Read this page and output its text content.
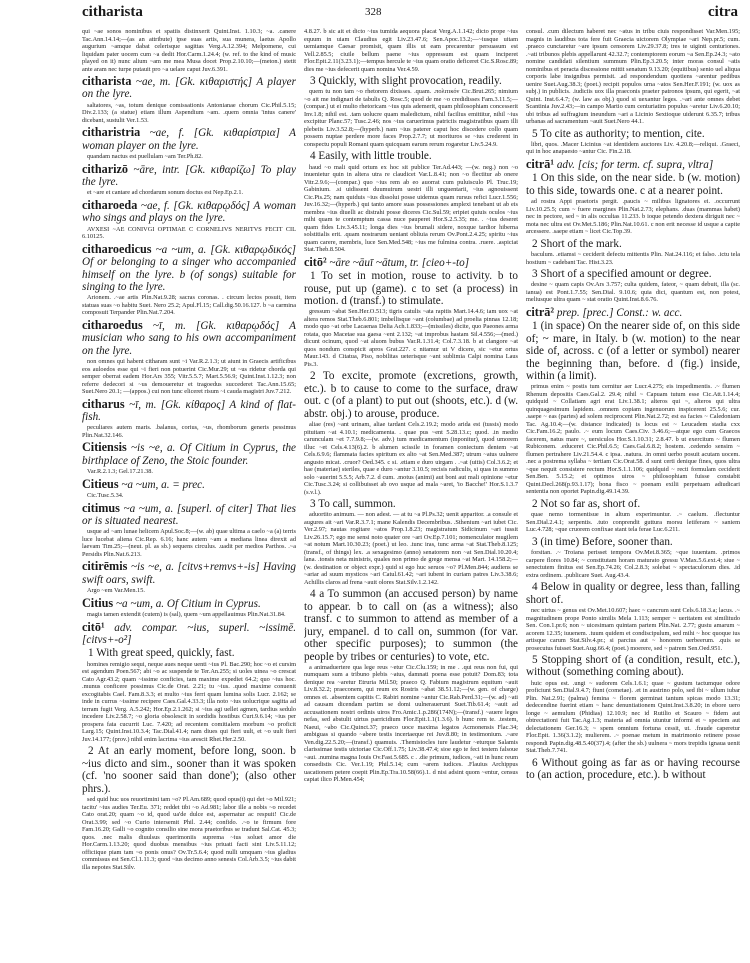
citharista	328	citra
qui ~ae sonos nominibus et spatiis distinxerit Quint.Inst. 1.10.3; ~a. .canere Tac.Ann.14.14;—(as an attribute) ipse suas artis, sua munera, laetus Apollo augurium ~amque dabat celerisque sagittas Verg.A.12.394; Melpomene, cui liquidam pater uocem cum ~a dedit Hor.Carm.1.24.4; (w. ref. to the kind of music played on it) nunc alium ~am me mea Musa docet Prop.2.10.10;—(meton.) stetit ante aram nec turpe putauit pro ~a uelare caput Juv.6.391.
citharista ~ae, m. [Gk. κιθαριστής] A player on the lyre.
saltatores, ~as, totum denique comissationis Antonianae chorum Cic.Phil.5.15; Div.2.133; (a statue) etiam illum Aspendium ~am. .quem omnia 'intus canere' dicebant, sustulit Ver.1.53.
citharistria ~ae, f. [Gk. κιθαρίστρια] A woman player on the lyre.
quandam nactus est puellulam ~am Ter.Ph.82.
citharizō ~āre, intr. [Gk. κιθαρίζω] To play the lyre.
et ~are et cantare ad chordarum sonum doctus est Nep.Ep.2.1.
citharoeda ~ae, f. [Gk. κιθαρῳδός] A woman who sings and plays on the lyre.
AVXESI ~AE CONIVGI OPTIMAE C CORNELIVS NERITVS FECIT CIL 6.10125.
citharoedicus ~a ~um, a. [Gk. κιθαρῳδικός] Of or belonging to a singer who accompanied himself on the lyre. b (of songs) suitable for singing to the lyre.
Arionem. .~ae artis Plin.Nat.9.28; sacras coronas. . circum lectos posuit, item statuas suas ~o habitu Suet. Nero 25.2; Apul.Fl.15; Call.dig.50.16.127. b ~a carmina composuit Terpander Plin.Nat.7.204.
citharoedus ~ī, m. [Gk. κιθαρῳδός] A musician who sang to his own accompaniment on the lyre.
non omnes qui habent citharam sunt ~i Var.R.2.1.3; ut aiunt in Graecis artificibus eos auloedos esse qui ~i fieri non potuerint Cic.Mur.29; ut ~us ridetur chorda qui semper oberrat eadem Hor.Ars 355; Vitr.5.5.7; Mart.5.56.9; Quint.Inst.1.12.3; non referre dedecori si ~us demoueretur et tragoedus succederet Tac.Ann.15.65; Suet.Nero 20.1; —(appos.) cui non tunc eliceret risum ~i cauda magistri Juv.7.212.
citharus ~ī, m. [Gk. κίθαρος] A kind of flat-fish.
peculiares autem maris. .balanus, corius, ~us, rhomborum generis pessimus Plin.Nat.32.146.
Citiensis ~is ~e, a. Of Citium in Cyprus, the birthplace of Zeno, the Stoic founder.
Var.R.2.1.3; Gel.17.21.38.
Citieus ~a ~um, a. = prec.
Cic.Tusc.5.34.
citimus ~a ~um, a. [superl. of citer] That lies or is situated nearest.
usque ad ~am lunae helicem Apul.Soc.8;—(w. ab) quae ultima a caelo ~a (a) terris luce lucebat aliena Cic.Rep. 6.16; hanc autem ~am a mediana linea direxit ad laevam Tim.25;—(neut. pl. as sb.) sequens circulus. .uadit per medios Parthos. .~a Persidis Plin.Nat.6.213.
citirēmis ~is ~e, a. [citvs+remvs+-is] Having swift oars, swift.
Argo ~em Var.Men.15.
Citius ~a ~um, a. Of Citium in Cyprus.
magis tamen extendit (cutem) is (sal), quem ~um appellauimus Plin.Nat.31.84.
citō¹ adv. compar. ~ius, superl. ~issimē. [citvs+-o²]
1 With great speed, quickly, fast.
homines remigio sequi, neque aues neque uenti ~ius Pl. Bac.290; hoc ~o et cursim est agendum Poen.567; abi ~o ac suspende te Ter.An.255; si uoles uinea ~o crescat Cato Agr.43.2; quam ~issime conficies, tam maxime expediet 64.2; quo ~ius hoc. .munus conficere possimus Cic.de Orat. 2.21; tu ~ius. .quod maxime conuenit excogitabis Cael. Fam.8.3.3; et multo ~ius ferri quam lumina solis Lucr. 2.162; se inde in currus ~issime recipere Caes.Gal.4.33.3; illa noto ~ius uolucrique sagitta ad terram fugit Verg. A.5.242; Hor.Ep.2.1.262; si ~ius agi uellet agmen, tardius sedulo incedere Liv.2.58.7; ~o gloria obsolescit in sordidis hostibus Curt.9.6.14; ~ius per prospera fata cucurrit Luc. 7.420; ad recentem comitialem morbum ~o proficit Larg.15; Quint.Inst.10.3.4; Tac.Dial.41.4; nam diues qui fieri uult, et ~o uult fieri Juv.14.177; (prov.) nihil enim lacrima ~ius arescit Rhet.Her.2.50.
2 At an early moment, before long, soon. b ~ius dicto and sim., sooner than it was spoken (cf. 'no sooner said than done'); (also other phrs.).
sed quid huc uos reuortimini tam ~o? Pl.Am.689; quod opus(t) qui det ~o Mil.921; tacitu' ~ius audies Ter.Eu. 371; reddet tibi ~o Ad.981; labor ille a nobis ~o recedet Cato orat.20; quam ~o id, quod ua'de dulce est, aspernatur ac respuit! Cic.de Orat.3.99; sed ~o Curio intersemit Phil. 2.44; confido. .~o te firmum fore Fam.16.20; Galli ~o cognito consilio sine mora praetoribus se tradunt Sal.Cat. 45.3; quos. .nec malis diuulsus querimoniis suprema ~ius soluet amor die Hor.Carm.1.13.20; quod duobus mensibus ~ius priuati facti sint Liv.5.11.12; officiique piam tam ~o ponis onus? Ov.Tr.5.6.4; quod nulli umquam ~ius gladius commissus est Sen.Cl.1.11.3; quod ~ius decimo anno senesis Col.Arb.3.5; ~ius dabit illa nepotes Stat.Silv.
4.8.27. b sic ait et dicto ~ius tumida aequora placat Verg.A.1.142; dicto prope ~ius equum in uiam Claudius egit Liv.23.47.6; Sen.Apoc.13.2;—~iusque uitam uemiamque Caesar promisit, quam illis ut eam precarentur persuasum est Vell.2.85.5; ciuile bellum paene ~ius oppressum est quam inciperet Flor.Epit.2.11(3.23.1);—tempus hercule te ~ius quam oratio deficeret Cic.S.Rosc.89; dies me ~ius defecerit quam nomina Ver.4.59.
3 Quickly, with slight provocation, readily.
quem tu non tam ~o rhetorem dixisses. .quam. .πολιτικόν Cic.Brut.265; nimium ~o ait me indignari de tabulis Q. Rosc.5; quod de me ~o credidisses Fam.3.11.5;—(compar.) ut ei multo rhetoricam ~ius quis ademerit, quam philosophiam concesserit Inv.1.8; nihil est. .tam uolucre quam maledictum, nihil facilius emittitur, nihil ~ius excipitur Planc.57; Tusc.2.46; nos ~ius caruerimus patriciis magistratibus quam illi plebeiis Liv.3.52.8;—(hyperb.) nam ~ius paterer caput hoc discedere collo quam possem nuptae perdere more faces Prop.2.7.7; ut morituros se ~ius crederent in conspectu populi Romani quam quicquam earum rerum rogaretur Liv.5.24.9.
4 Easily, with little trouble.
haud ~o mali quid ortum ex hoc sit publice Ter.Ad.443; —(w. neg.) non ~o inuenietur quin in altera utra re claudicet Var.L.8.41; non ~o flectitur ab onere Vitr.2.9.6;—(compar.) quo ~ius rem ab eo auorrat cum puluisculo Pl. Truc.19; Gabinium. .si uidissent duumuirum uestri illi unguentarii, ~ius agnouissent Cic.Pis.25; nam quiduis ~ius dissolui posse uidemus quam rursus refici Lucr.1.556; Juv.16.32;—(hyperb.) qui tanto amore suas possessiones amplexi tenebant ut ab eis membra ~ius diuelli ac distrahi posse diceres Cic.Sul.59; eripiet quiuis oculos ~ius mihi quam te contemptum cassa nuce pauperet Hor.S.2.5.35; me. . ~ius deseret quam fides Liv.3.45.11; longa dies ~ius brumali sidere, noxque tardior hiberna solstitialis erit. .quam nostrarum ueniant obliuia rerum Ov.Pont.2.4.25; spiritu ~ius quam carere, membris, luce Sen.Med.548; ~ius me fulmina contra. .ruere. .aspiciat Stat.Theb.8.504.
citō² ~āre ~āuī ~ātum, tr. [cieo+-to]
1 To set in motion, rouse to activity. b to rouse, put up (game). c to set (a process) in motion. d (transf.) to stimulate.
gressum ~abat Sen.Her.O.513; tigris catulis ~ata rapitis Mart.14.4.6; iam uox ~at altera remos Stat.Theb.6.801; imbellisque ~ant (columbae) ad proelia pinnas 12.18; modo quo ~at orbe Lacaenas Delia Ach.1.833;—(missiles) dicite, quo Paeones arma rotata, quo Macetae sua gaesa ~ent 2.132; ~at improbus hastam Sil.4.556;—(med.) dicunt ocinum, quod ~at aluom bubus Var.R.1.31.4; Col.7.3.18. b at clangore ~at quos nondum conspicit apros Grat.227. c nitamur ut V dicere, sic ~etur ortus Maur.143. d Citatua, Piso, nobilitas ueterisque ~ant sublimia Calpi nomina Laus Pis.3.
2 To excite, promote (excretions, growth, etc.). b to cause to come to the surface, draw out. c (of a plant) to put out (shoots, etc.). d (w. abstr. obj.) to arouse, produce.
aliae (res) ~ant urinam, aliae tardant Cels.2.19.2; modo arida est (tussis) modo pituitam ~at 4.10.1; medicamenta. . quae pus ~ent 5.28.13.c; quod. .in medio carunculam ~et 7.7.9.8;—(w. adv.) tum medicamentum (inponitur), quod umorem illuc ~et Cels.4.13(6).2. b alumen scissile in foramen coniectum dentem ~at Cels.6.9.6; flammata facies spiritum ex alto ~at Sen.Med.387; utrum ~atus uulnere angusto micat. .cruor? Oed.345. c si. .etiam e duro uirgam . .~at (uitis) Col.3.6.2; et hae (materiae) steriles, quae e duro ~antur 3.10.5; recisis radiculis, si quas in summo solo ~auerint 5.5.5; Arb.7.2. d cum. .motus (animi) aut boni aut mali opinione ~etur Cic.Tusc.3.24; si collibuisset ab ovo usque ad mala ~aret, 'io Bacche!' Hor.S.1.3.7 (s.v.l.).
3 To call, summon.
aduortito animum. — non adest. — at tu ~a Pl.Ps.32; uenit apparitor. .a consule et augures ait ~ari Var.R.3.7.1; mane Kalendis Decembribus. .Sthenium ~ari iubet Cic. Ver.2.97; nautas rogitare ~atos Prop.1.8.23; magistratum Sidicinum ~ari iussit Liv.26.15.7; ego me sensi noto quater ore ~ari Ov.Ep.7.101; nomenculator mugilem ~at notum Mart.10.30.23; (poet.) ut leo. .tunc iras, tunc arma ~at Stat.Theb.8.125; (transf., of things) lex. .a sexagesimo (anno) senatorem non ~at Sen.Dial.10.20.4; lana. .tonsis neta ministris, quales non primo de grege mensa ~at Mart. 14.158.2;—(w. destination or object expr.) quid si ego huc seruos ~o? Pl.Men.844; audiens se ~ariar ad suum mysticos ~ari Catul.61.42; ~ari iubent in curiam patres Liv.3.38.6; Achillis claros ad frena ~auit olores Stat.Silv.1.2.142.
4 a To summon (an accused person) by name to appear. b to call on (as a witness); also transf. c to summon to attend as member of a jury, empanel. d to call on, summon (for var. other specific purposes); to summon (the people by tribes or centuries) to vote, etc.
a animaduertere qua lege reus ~etur Cic.Clu.159; in me . .qui reus non fui, qui numquam sum a tribuno plebis ~atus, damnati poena esse potuit? Dom.83; tota denique rea ~aretur Etruria Mil.50; praeco Q. Fabium magistrum equitum ~auit Liv.8.32.2; praeconem, qui reum ex Rostris ~abat 38.51.12;—(w. gen. of charge) omnes ei. .absentem capitis C. Rabiri nomine ~antur Cic.Rab.Perd.31;—(w. ad) ~ati ad causam dicendam partim se domi uulnerauerunt Suet.Tib.61.4; ~auit ad accusationem nostri ordinis uiros Fro.Amic.1.p.286(174N);—(transf.) ~auere leges nefas, sed abstulit uirtus parricidium Flor.Epit.1.1(1.3.6). b hunc rem te. .testem, Naeui, ~abo Cic.Quinct.37; praeco uoce maxima legatos Acmonensis Flac.34; ambiguas si quando ~abere testis incertaeque rei Juv.8.80; in testimonium. .~are Ven.dig.22.5.20;—(transf.) quamuis. .Themistocles iure laudetur ~eturque Salamis clarissimae testis uictoriae Cic.Off.1.75; Liv.38.47.4; sioe ego te feci testem falsoue ~aui. .numina magna Iouis Ov.Fast.5.685. c . .die primum, iudices, ~ati in hunc reum consedistis Cic. Ver.1.19; Phil.5.14; cum ~arem iudices. .Flauius Archippus uacationem petere coepit Plin.Ep.Tra.10.58(66).1. d nisi adsint quom ~entur, census capiat ilico Pl.Men.454;
consul. .cum dilectum haberet nec ~atus in tribu ciuis respondisset Var.Men.195; magnis in laudibus tota fere fuit Graecia uictorem Olympiae ~ari Nep.pr.5; cum. .praeco cunctaretur ~are ipsum censorem Liv.29.37.8; tres te uiginti centuriones. .~ati tribunos plebis appellarunt 42.32.7; contemptorem eorum ~a Sen.Ep.24.3; ~ato nomine candidati silentium summum Plin.Ep.3.20.5; inter moras consul ~atis nominibus et peracta discessione mittit senatum 9.13.20; (equitibus) senio uel aliqua corporis labe insignibus permisit. .ad respondendum quotiens ~arentur pedibus uenire Suet.Aug.38.3; (poet.) recipit populos urna ~atos Sen.Her.F.191; (w. uox as subj.) in publicis. .iudiciis uox illa praeconis praeter patronos ipsum, qui egerit, ~at Quint. Inst.6.4.7; (w. law as obj.) quod si uexantur leges. .~ari ante omnes debet Scantinia Juv.2.43;—in campo Martio cum centuriatim populus ~aretur Liv.6.20.10; ubi tribus ad suffragium ineundum ~ari a Licinio Sextioque uiderunt 6.35.7; tribus urbanas ad sacramentum ~auit Suet.Nero 44.1.
5 To cite as authority; to mention, cite.
libri, quos. .Macer Licinius ~at identidem auctores Liv. 4.20.8;—reliqui. .Graeci, qui in hoc anapaesto ~antur Cic. Fin.2.18.
citrā¹ adv. [cis; for term. cf. supra, vltra]
1 On this side, on the near side. b (w. motion) to this side, towards one. c at a nearer point.
ad rostra Appi praetoris pergit. .paucis ~ milibus lignatores ei. .occurrunt Liv.10.25.5; cum ~ fuere margines Plin.Nat.2.73; elephans. .duas (mammas habet) nec in pectore, sed ~ in alis occultas 11.233. b ioque petendo dextera diriguit nec ~ mota nec ultra est Ov.Met.5.186; Plin.Nat.10.61. c non erit necesse id usque a capite arcessere. .saepe etiam ~ licet Cic.Top.39.
2 Short of the mark.
baculum. .etiamsi ~ ceciderit defectu mittentis Plin. Nat.24.116; et falso. .ictu tela hostium ~ cadebant Tac. Hist.3.23.
3 Short of a specified amount or degree.
desine ~ quam capis Ov.Ars 3.757; culta quidem, fateor, ~ quam debuit, illa (sc. ianua) est Pont.1.7.55; Sen.Dial. 9.10.6; quia dici, quantum est, non potest, meliusque ultra quam ~ stat oratio Quint.Inst.8.6.76.
citrā² prep. [prec.] Const.: w. acc.
1 (in space) On the nearer side of, on this side of; ~ mare, in Italy. b (w. motion) to the near side of, across. c (of a letter or symbol) nearer the beginning than, before. d (fig.) inside, within (a limit).
primus enim ~ postis tum cernitur aer Lucr.4.275; eis impedimentis. .~ flumen Rhenum depositis Caes.Gal.2. 29.4; nihil ~ Capuam tutum esse Cic.Att.1.14.4; quidquid ~ Collatiam agri erat Liv.1.38.1; alteros qui ~, alteros qui ultra quinquagesimum lapidem. .omnem copiam ingenuorum inspicerent 25.5.6; cur. .saepe ~ eas (partes) ad solem reciprocent Plin.Nat.2.72; est ea facies ~ Caledoniam Tac. Ag.10.4;—(w. distance indicated) is locus est ~ Leucadem stadia cxx Cic.Fam.16.2; paulo. .~ eum locum Caes.Civ. 3.46.6;—atque ego cum Graecos facerem, natus mare ~, uersiculos Hor.S.1.10.31; 2.8.47. b ut exercitum ~ flumen Rubiconem. .educeret Cic.Phil.6.5; Caes.Gal.6.8.2; hostem. .cedendo sensim ~ flumen pertrahere Liv.21.54.4. c ipsa. .natura. .in omni uerbo posuit acutam uocem. .nec a postrema syllaba ~ tertiam Cic.Orat.58. d sunt certi denique fines, quos ultra ~que nequit consistere rectum Hor.S.1.1.106; quidquid ~ recti formulam ceciderit Sen.Ben. 5.15.2; et optimos uiros ~ philosophiam fuisse constabit Quint.Decl.268(p.93.1.17); bona fisco ~ poenam exilii perpetuam adiudicari sententia non oportet Papin.dig.49.14.39.
2 Not so far as, short of.
quae nemo tormentisue in altum experimuntur. .~ caelum. .flectuntur Sen.Dial.2.4.1; serpentis. .tuto conprendit guttura morsu letiferam ~ saniem Luc.4.728; ~que cruorem confixae stant tela ferae Luc.6.211.
3 (in time) Before, sooner than.
forsitan. .~ Troiana perisset tempora Ov.Met.8.365; ~que iuuentam. .primos carpere flores 10.84; ~ constitutam horam maturato gressu V.Max.5.6.ext.4; siue ~ senectutem finitus est Sen.Ep.74.26; Col.2.8.3; solebat ~ spectaculorum dies. .id extra ordinem. .publicare Suet. Aug.43.4.
4 Below in quality or degree, less than, falling short of.
nec uirtus ~ genus est Ov.Met.10.607; haec ~ cancrum sunt Cels.6.18.3.a; lacus. .~ magnitudinem prope Ponto similis Mela 1.113; semper ~ ueritatem est similitudo Sen. Con.1.pr.6; non ~ uicesimam quintam partem Plin.Nat. 2.77; gustu amarum ~ acorem 12.35; iuuenem. .tuum quidem et condiscipulum, sed mihi ~ hoc quoque ius artisque carum Stat.Silv.4.pr.; si parcius aut ~ honorem uerbeerum. .quis se prosecutus fuisset Suet.Aug.66.4; (poet.) moerere, sed ~ patrem Sen.Oed.951.
5 Stopping short of (a condition, result, etc.), without (something coming about).
huic opus est. .ungi ~ sudorem Cels.1.6.1; quae ~ gustum tactumque odore proficiunt Sen.Dial.9.4.7; fiunt (cometae). .et in austrino polo, sed ibi ~ ullum iubar Plin. Nat.2.91; (palma) femina ~ florem germinat tantum spicas modo 13.31; dedecendine fuerint etiam ~ hanc denuntiationem Quint.Inst.3.8.20; in ebore uero longe ~ aemulum (Phidias) 12.10.9; nec id Rutilio et Scauro ~ fidem aut obtrectationi fuit Tac.Ag.1.3; materia ad omnia utuntur informi et ~ speciem aut delectationem Ger.16.3; ~ spem omnium fortuna cessit, ut. .fraude caperetur Flor.Epit. 1.36(3.1.2); mulierem. .~ poenae metum in matrimonio retinere posse respondi Papin.dig.48.5.40(37).4; (after the sb.) uulnera ~ mors trepidis ignaua uenit Stat.Theb.7.741.
6 Without going as far as or having recourse to (an action, procedure, etc.). b without
